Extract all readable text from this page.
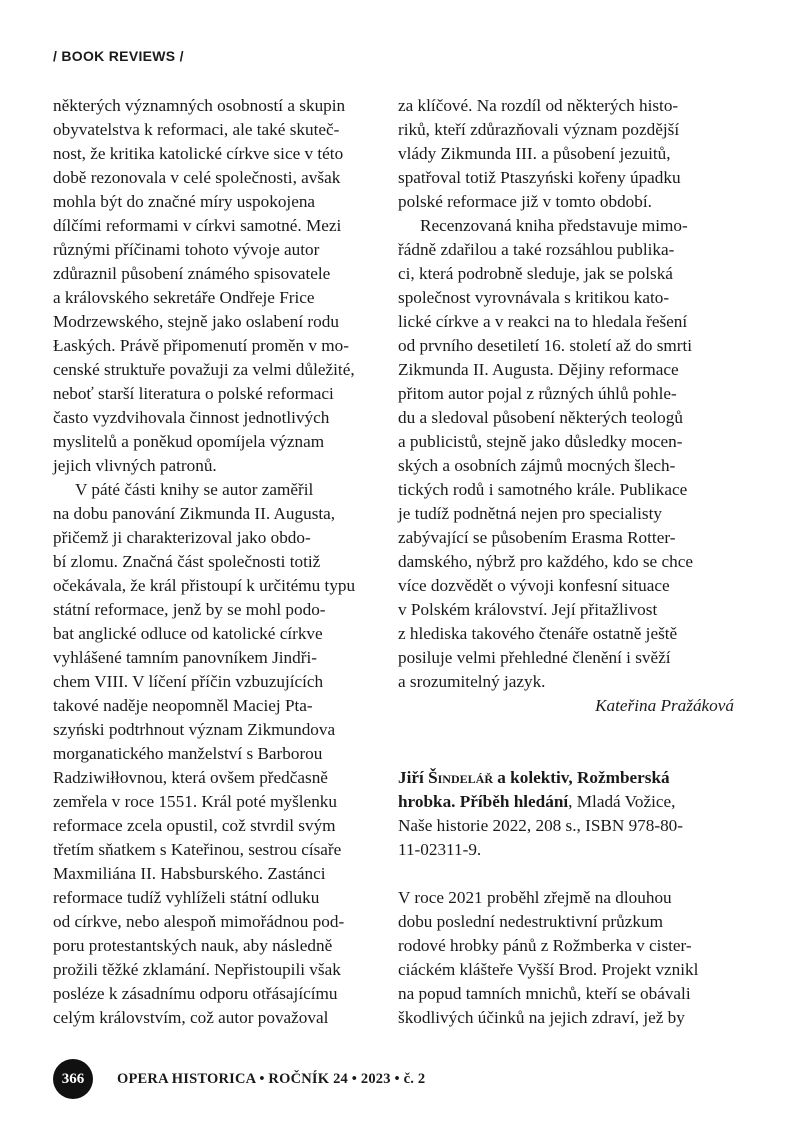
/ BOOK REVIEWS /
některých významných osobností a skupin
obyvatelstva k reformaci, ale také skuteč-
nost, že kritika katolické církve sice v této
době rezonovala v celé společnosti, avšak
mohla být do značné míry uspokojena
dílčími reformami v církvi samotné. Mezi
různými příčinami tohoto vývoje autor
zdůraznil působení známého spisovatele
a královského sekretáře Ondřeje Frice
Modrzewského, stejně jako oslabení rodu
Łaských. Právě připomenutí proměn v mo-
censké struktuře považuji za velmi důležité,
neboť starší literatura o polské reformaci
často vyzdvihovala činnost jednotlivých
myslitelů a poněkud opomíjela význam
jejich vlivných patronů.
V páté části knihy se autor zaměřil
na dobu panování Zikmunda II. Augusta,
přičemž ji charakterizoval jako obdo-
bí zlomu. Značná část společnosti totiž
očekávala, že král přistoupí k určitému typu
státní reformace, jenž by se mohl podo-
bat anglické odluce od katolické církve
vyhlášené tamním panovníkem Jindři-
chem VIII. V líčení příčin vzbuzujících
takové naděje neopomněl Maciej Pta-
szyński podtrhnout význam Zikmundova
morganatického manželství s Barborou
Radziwiłłovnou, která ovšem předčasně
zemřela v roce 1551. Král poté myšlenku
reformace zcela opustil, což stvrdil svým
třetím sňatkem s Kateřinou, sestrou císaře
Maxmiliána II. Habsburského. Zastánci
reformace tudíž vyhlíželi státní odluku
od církve, nebo alespoň mimořádnou pod-
poru protestantských nauk, aby následně
prožili těžké zklamání. Nepřistoupili však
posléze k zásadnímu odporu otřásajícímu
celým královstvím, což autor považoval
za klíčové. Na rozdíl od některých histo-
riků, kteří zdůrazňovali význam pozdější
vlády Zikmunda III. a působení jezuitů,
spatřoval totiž Ptaszyński kořeny úpadku
polské reformace již v tomto období.
Recenzovaná kniha představuje mimo-
řádně zdařilou a také rozsáhlou publika-
ci, která podrobně sleduje, jak se polská
společnost vyrovnávala s kritikou kato-
lické církve a v reakci na to hledala řešení
od prvního desetiletí 16. století až do smrti
Zikmunda II. Augusta. Dějiny reformace
přitom autor pojal z různých úhlů pohle-
du a sledoval působení některých teologů
a publicistů, stejně jako důsledky mocen-
ských a osobních zájmů mocných šlech-
tických rodů i samotného krále. Publikace
je tudíž podnětná nejen pro specialisty
zabývající se působením Erasma Rotter-
damského, nýbrž pro každého, kdo se chce
více dozvědět o vývoji konfesní situace
v Polském království. Její přitažlivost
z hlediska takového čtenáře ostatně ještě
posiluje velmi přehledné členění i svěží
a srozumitelný jazyk.
Kateřina Pražáková
Jiří Šindelář a kolektiv, Rožmberská
hrobka. Příběh hledání, Mladá Vožice,
Naše historie 2022, 208 s., ISBN 978-80-
11-02311-9.
V roce 2021 proběhl zřejmě na dlouhou
dobu poslední nedestruktivní průzkum
rodové hrobky pánů z Rožmberka v cister-
ciáckém klášteře Vyšší Brod. Projekt vznikl
na popud tamních mnichů, kteří se obávali
škodlivých účinků na jejich zdraví, jež by
366	OPERA HISTORICA • ROČNÍK 24 • 2023 • č. 2
